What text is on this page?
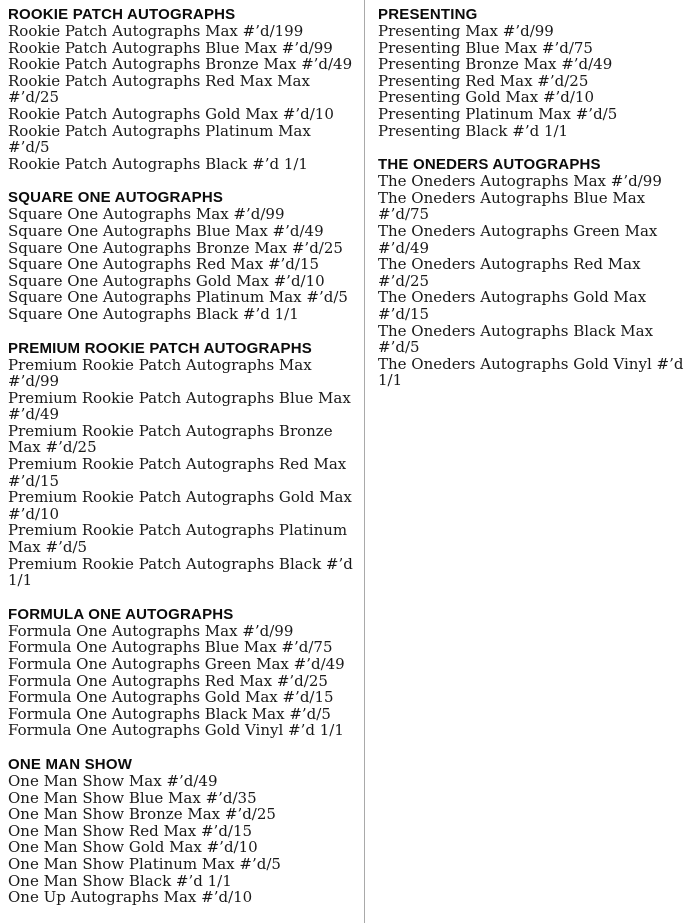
ROOKIE PATCH AUTOGRAPHS
Rookie Patch Autographs Max #’d/199
Rookie Patch Autographs Blue Max #’d/99
Rookie Patch Autographs Bronze Max #’d/49
Rookie Patch Autographs Red Max Max #’d/25
Rookie Patch Autographs Gold Max #’d/10
Rookie Patch Autographs Platinum Max #’d/5
Rookie Patch Autographs Black #’d 1/1
SQUARE ONE AUTOGRAPHS
Square One Autographs Max #’d/99
Square One Autographs Blue Max #’d/49
Square One Autographs Bronze Max #’d/25
Square One Autographs Red Max #’d/15
Square One Autographs Gold Max #’d/10
Square One Autographs Platinum Max #’d/5
Square One Autographs Black #’d 1/1
PREMIUM ROOKIE PATCH AUTOGRAPHS
Premium Rookie Patch Autographs Max #’d/99
Premium Rookie Patch Autographs Blue Max #’d/49
Premium Rookie Patch Autographs Bronze Max #’d/25
Premium Rookie Patch Autographs Red Max #’d/15
Premium Rookie Patch Autographs Gold Max #’d/10
Premium Rookie Patch Autographs Platinum Max #’d/5
Premium Rookie Patch Autographs Black #’d 1/1
FORMULA ONE AUTOGRAPHS
Formula One Autographs Max #’d/99
Formula One Autographs Blue Max #’d/75
Formula One Autographs Green Max #’d/49
Formula One Autographs Red Max #’d/25
Formula One Autographs Gold Max #’d/15
Formula One Autographs Black Max #’d/5
Formula One Autographs Gold Vinyl #’d 1/1
ONE MAN SHOW
One Man Show Max #’d/49
One Man Show Blue Max #’d/35
One Man Show Bronze Max #’d/25
One Man Show Red Max #’d/15
One Man Show Gold Max #’d/10
One Man Show Platinum Max #’d/5
One Man Show Black #’d 1/1
One Up Autographs Max #’d/10
PRESENTING
Presenting Max #’d/99
Presenting Blue Max #’d/75
Presenting Bronze Max #’d/49
Presenting Red Max #’d/25
Presenting Gold Max #’d/10
Presenting Platinum Max #’d/5
Presenting Black #’d 1/1
THE ONEDERS AUTOGRAPHS
The Oneders Autographs Max #’d/99
The Oneders Autographs Blue Max #’d/75
The Oneders Autographs Green Max #’d/49
The Oneders Autographs Red Max #’d/25
The Oneders Autographs Gold Max #’d/15
The Oneders Autographs Black Max #’d/5
The Oneders Autographs Gold Vinyl #’d 1/1
